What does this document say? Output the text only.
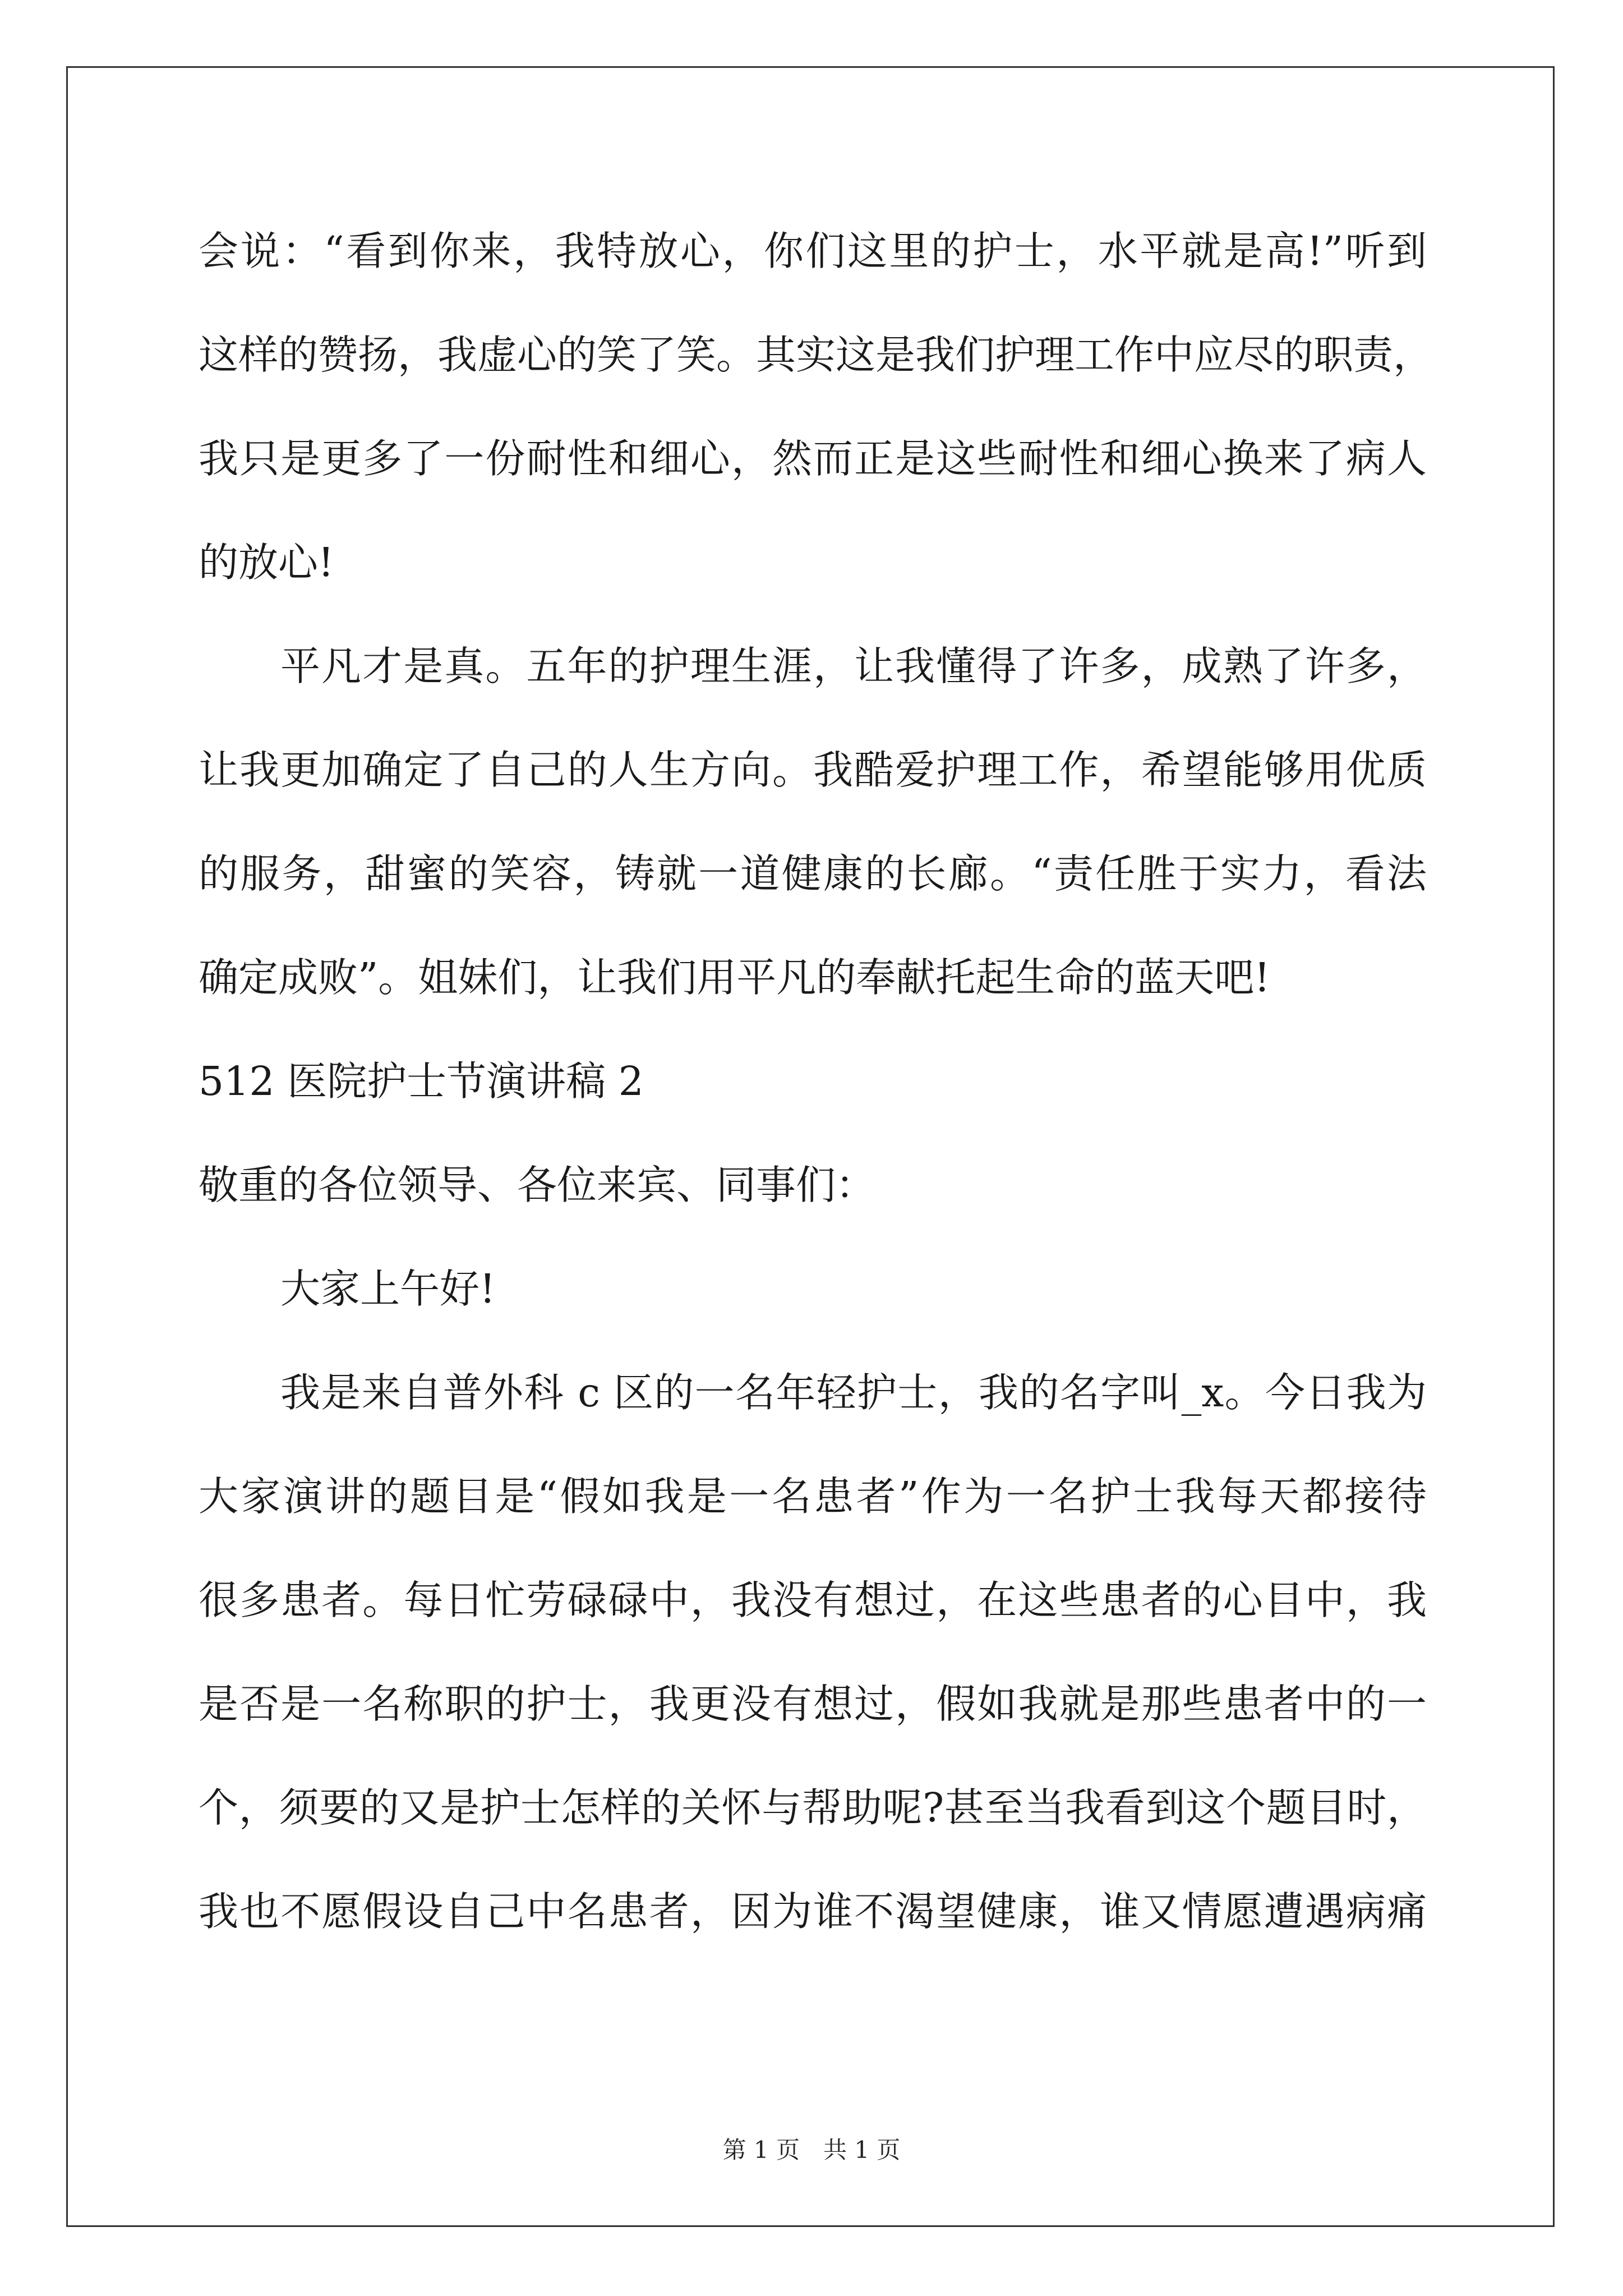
会说：“看到你来，我特放心，你们这里的护士，水平就是高!”听到
这样的赞扬，我虚心的笑了笑。其实这是我们护理工作中应尽的职责，
我只是更多了一份耐性和细心，然而正是这些耐性和细心换来了病人
的放心!
平凡才是真。五年的护理生涯，让我懂得了许多，成熟了许多，
让我更加确定了自己的人生方向。我酷爱护理工作，希望能够用优质
的服务，甜蜜的笑容，铸就一道健康的长廊。“责任胜于实力，看法
确定成败”。姐妹们，让我们用平凡的奉献托起生命的蓝天吧!
512 医院护士节演讲稿 2
敬重的各位领导、各位来宾、同事们：
大家上午好!
我是来自普外科 c 区的一名年轻护士，我的名字叫_x。今日我为
大家演讲的题目是“假如我是一名患者”作为一名护士我每天都接待
很多患者。每日忙劳碌碌中，我没有想过，在这些患者的心目中，我
是否是一名称职的护士，我更没有想过，假如我就是那些患者中的一
个，须要的又是护士怎样的关怀与帮助呢?甚至当我看到这个题目时，
我也不愿假设自己中名患者，因为谁不渴望健康，谁又情愿遭遇病痛
第 1 页　共 1 页
